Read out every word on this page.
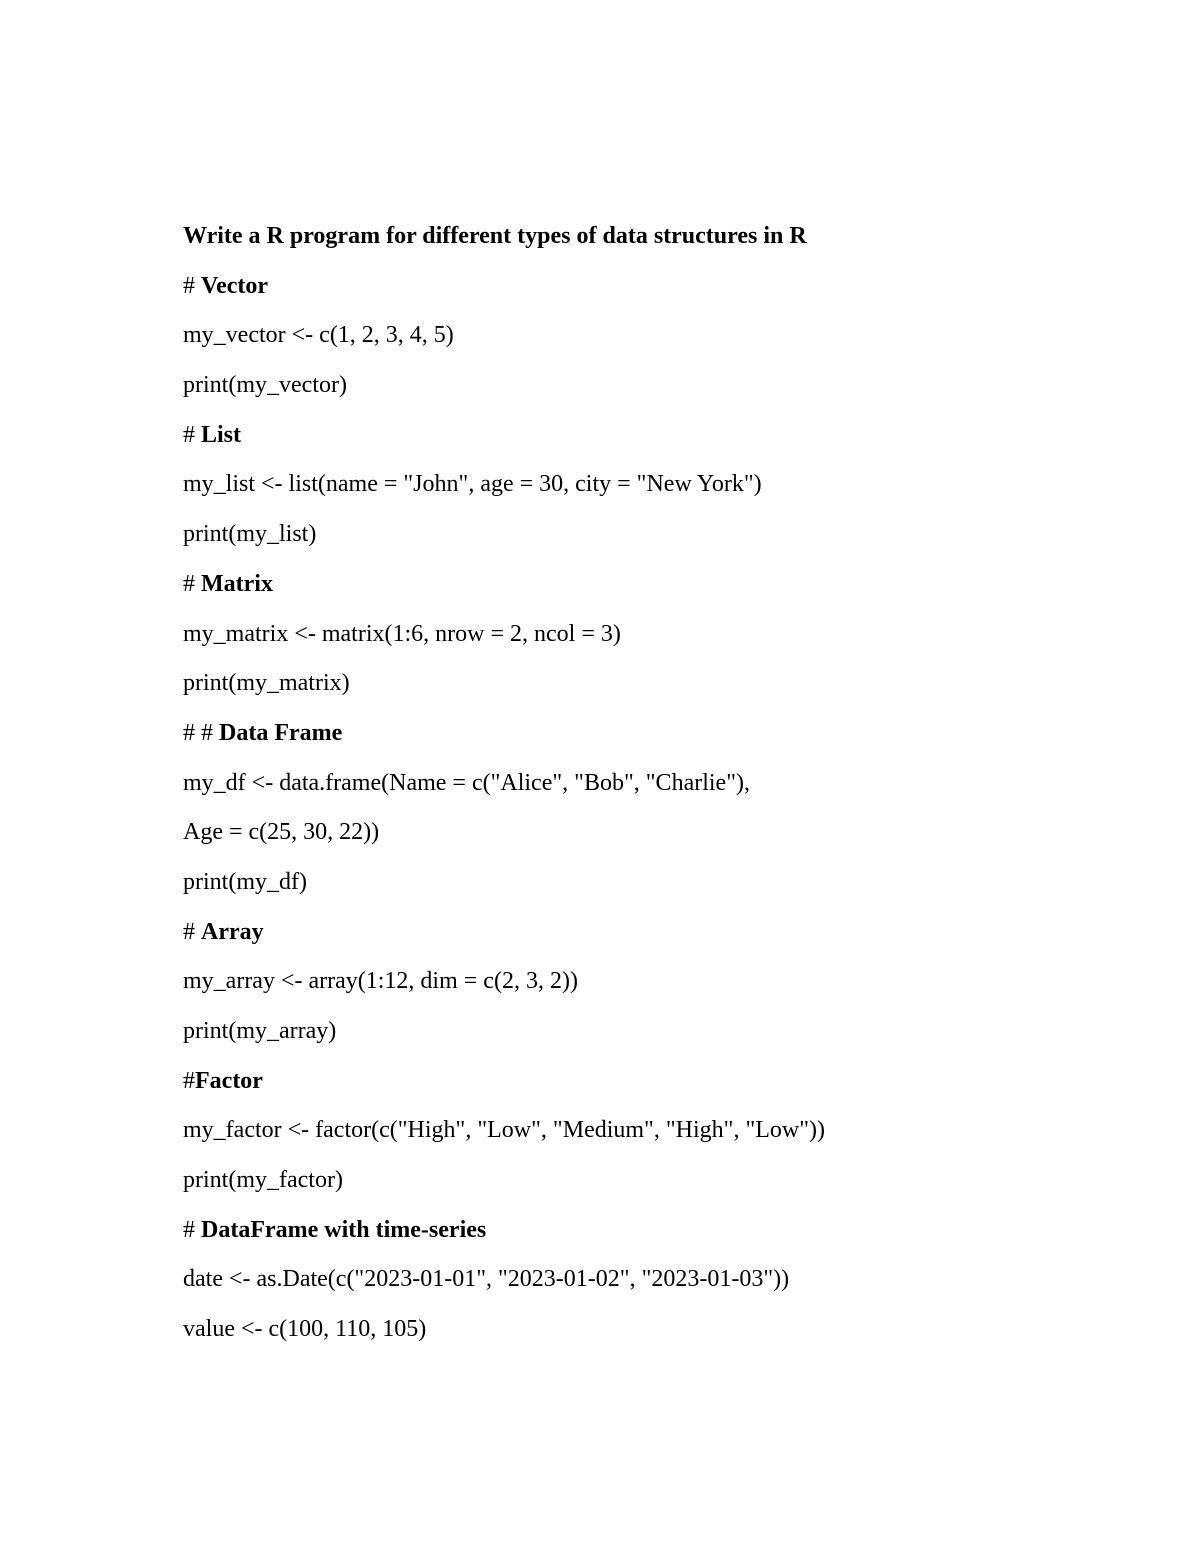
Write a R program for different types of data structures in R
# Vector
my_vector <- c(1, 2, 3, 4, 5)
print(my_vector)
# List
my_list <- list(name = "John", age = 30, city = "New York")
print(my_list)
# Matrix
my_matrix <- matrix(1:6, nrow = 2, ncol = 3)
print(my_matrix)
# # Data Frame
my_df <- data.frame(Name = c("Alice", "Bob", "Charlie"),
Age = c(25, 30, 22))
print(my_df)
# Array
my_array <- array(1:12, dim = c(2, 3, 2))
print(my_array)
#Factor
my_factor <- factor(c("High", "Low", "Medium", "High", "Low"))
print(my_factor)
# DataFrame with time-series
date <- as.Date(c("2023-01-01", "2023-01-02", "2023-01-03"))
value <- c(100, 110, 105)
